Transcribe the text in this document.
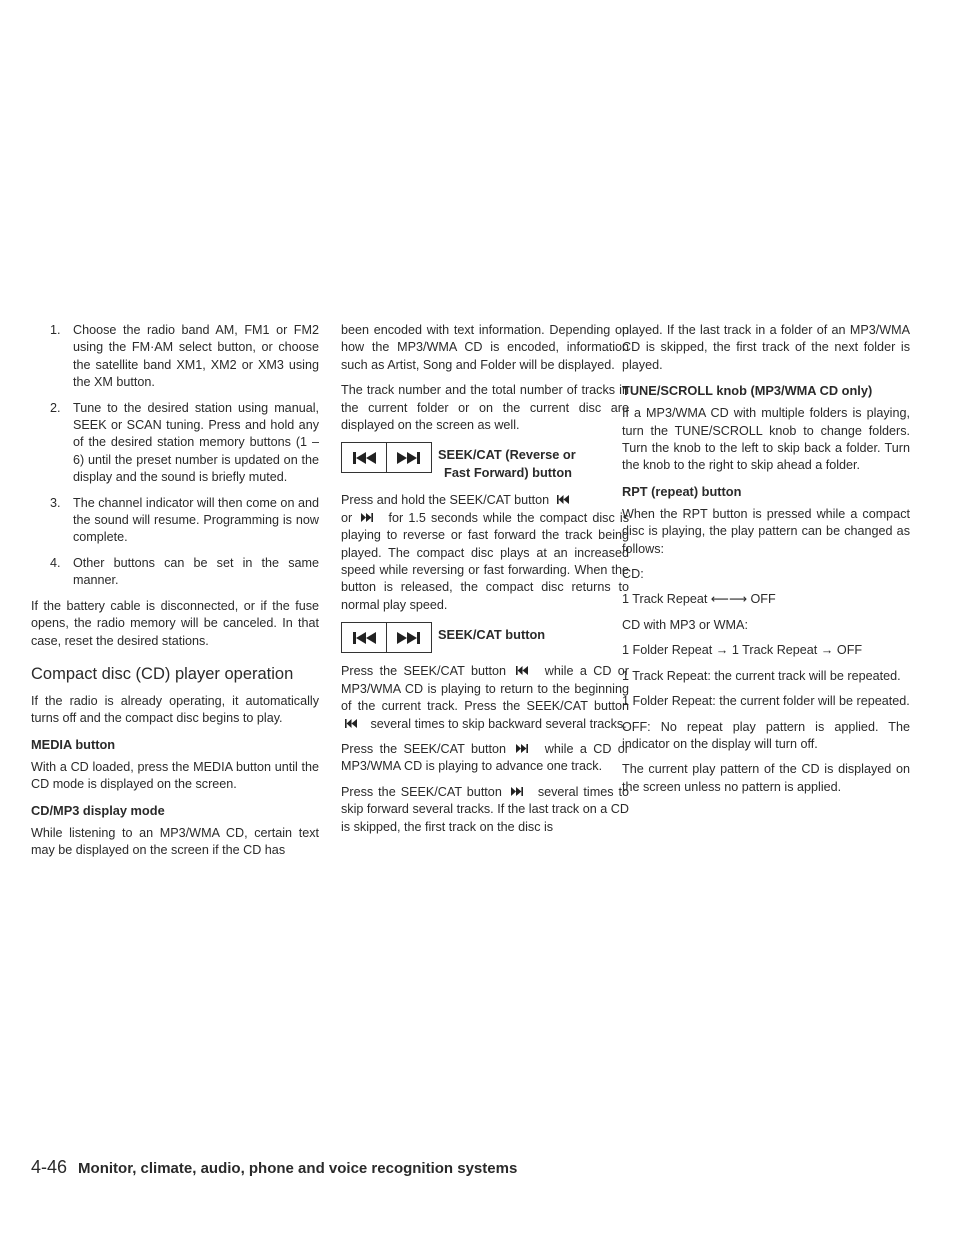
1. Choose the radio band AM, FM1 or FM2 using the FM·AM select button, or choose the satellite band XM1, XM2 or XM3 using the XM button.
2. Tune to the desired station using manual, SEEK or SCAN tuning. Press and hold any of the desired station memory buttons (1 – 6) until the preset number is updated on the display and the sound is briefly muted.
3. The channel indicator will then come on and the sound will resume. Programming is now complete.
4. Other buttons can be set in the same manner.

If the battery cable is disconnected, or if the fuse opens, the radio memory will be canceled. In that case, reset the desired stations.

Compact disc (CD) player operation

If the radio is already operating, it automatically turns off and the compact disc begins to play.

MEDIA button

With a CD loaded, press the MEDIA button until the CD mode is displayed on the screen.

CD/MP3 display mode

While listening to an MP3/WMA CD, certain text may be displayed on the screen if the CD has

been encoded with text information. Depending on how the MP3/WMA CD is encoded, information such as Artist, Song and Folder will be displayed.

The track number and the total number of tracks in the current folder or on the current disc are displayed on the screen as well.

SEEK/CAT (Reverse or
Fast Forward) button

Press and hold the SEEK/CAT button
or	for 1.5 seconds while the compact disc is playing to reverse or fast forward the track being played. The compact disc plays at an increased speed while reversing or fast forwarding. When the button is released, the compact disc returns to normal play speed.

SEEK/CAT button

Press the SEEK/CAT button	while a CD or MP3/WMA CD is playing to return to the beginning of the current track. Press the SEEK/CAT button  several times to skip backward several tracks.

Press the SEEK/CAT button	while a CD or MP3/WMA CD is playing to advance one track.

Press the SEEK/CAT button	several times to skip forward several tracks. If the last track on a CD is skipped, the first track on the disc is

played. If the last track in a folder of an MP3/WMA CD is skipped, the first track of the next folder is played.

TUNE/SCROLL knob (MP3/WMA CD only)

If a MP3/WMA CD with multiple folders is playing, turn the TUNE/SCROLL knob to change folders. Turn the knob to the left to skip back a folder. Turn the knob to the right to skip ahead a folder.

RPT (repeat) button

When the RPT button is pressed while a compact disc is playing, the play pattern can be changed as follows:

CD:

1 Track Repeat ⟵⟶ OFF

CD with MP3 or WMA:

1 Folder Repeat → 1 Track Repeat → OFF

1 Track Repeat: the current track will be repeated.

1 Folder Repeat: the current folder will be repeated.

OFF: No repeat play pattern is applied. The indicator on the display will turn off.

The current play pattern of the CD is displayed on the screen unless no pattern is applied.

4-46 Monitor, climate, audio, phone and voice recognition systems
